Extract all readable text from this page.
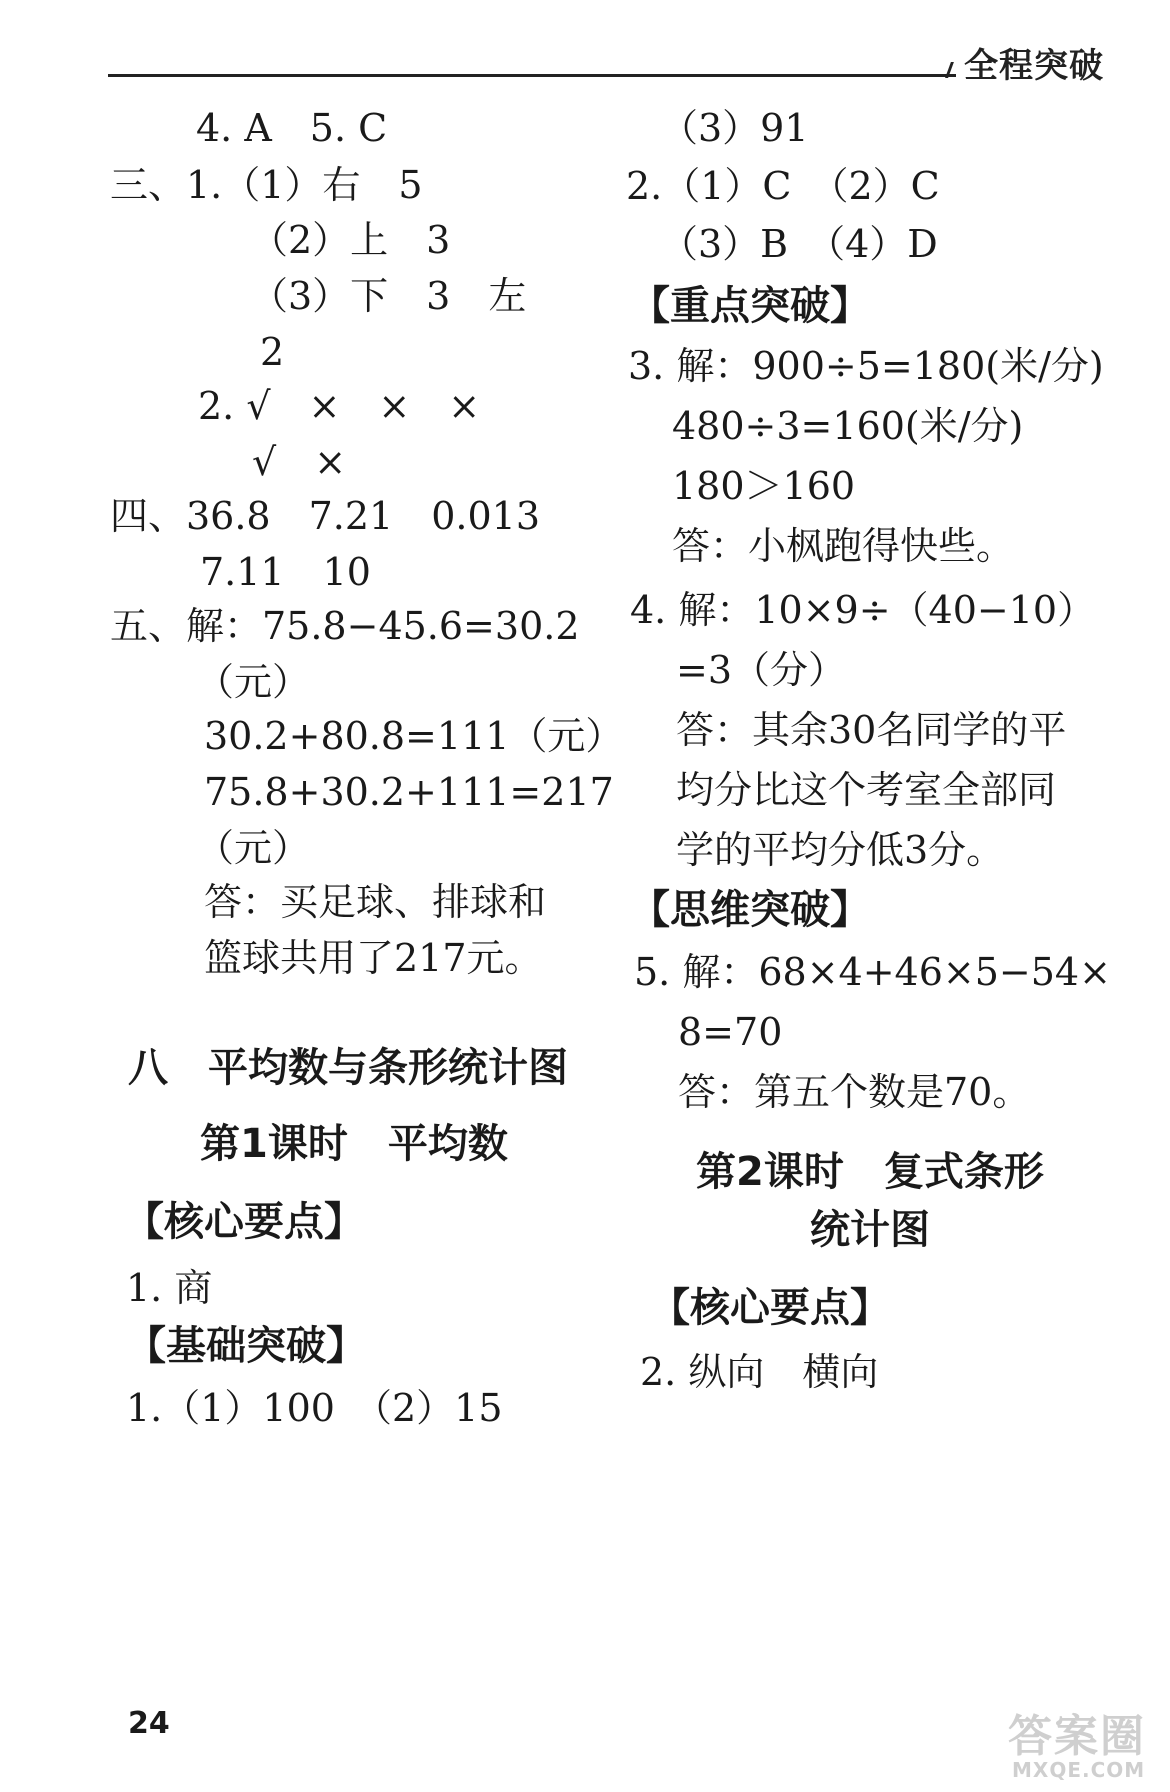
全程突破
4. A　5. C
三、1.（1）右　5
（2）上　3
（3）下　3　左
2
2. √　×　×　×
√　×
四、36.8　7.21　0.013
7.11　10
五、解：75.8−45.6=30.2
（元）
30.2+80.8=111（元）
75.8+30.2+111=217
（元）
答：买足球、排球和
篮球共用了217元。
八　平均数与条形统计图
第1课时　平均数
【核心要点】
1. 商
【基础突破】
1.（1）100　（2）15
（3）91
2.（1）C　（2）C
（3）B　（4）D
【重点突破】
3. 解：900÷5=180(米/分)
480÷3=160(米/分)
180＞160
答：小枫跑得快些。
4. 解：10×9÷（40−10）
=3（分）
答：其余30名同学的平
均分比这个考室全部同
学的平均分低3分。
【思维突破】
5. 解：68×4+46×5−54×
8=70
答：第五个数是70。
第2课时　复式条形
统计图
【核心要点】
2. 纵向　横向
24	答案圈
MXQE.COM
